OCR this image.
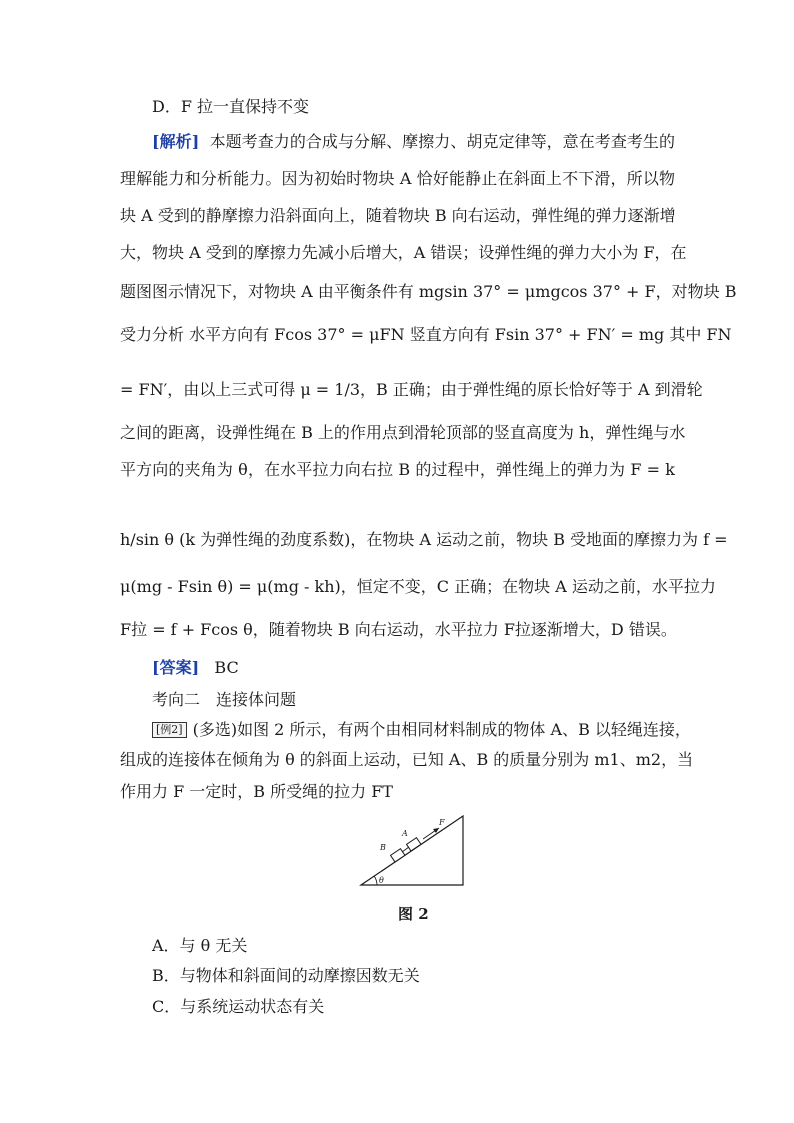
D．F 拉一直保持不变
[解析] 本题考查力的合成与分解、摩擦力、胡克定律等，意在考查考生的
理解能力和分析能力。因为初始时物块 A 恰好能静止在斜面上不下滑，所以物
块 A 受到的静摩擦力沿斜面向上，随着物块 B 向右运动，弹性绳的弹力逐渐增
大，物块 A 受到的摩擦力先减小后增大，A 错误；设弹性绳的弹力大小为 F，在
题图图示情况下，对物块 A 由平衡条件有 mgsin 37° = μmgcos 37° + F，对物块 B
受力分析 水平方向有 Fcos 37° = μFN 竖直方向有 Fsin 37° + FN′ = mg 其中 FN
= FN′，由以上三式可得 μ = 1/3，B 正确；由于弹性绳的原长恰好等于 A 到滑轮
之间的距离，设弹性绳在 B 上的作用点到滑轮顶部的竖直高度为 h，弹性绳与水
平方向的夹角为 θ，在水平拉力向右拉 B 的过程中，弹性绳上的弹力为 F = k
h/sin θ (k 为弹性绳的劲度系数)，在物块 A 运动之前，物块 B 受地面的摩擦力为 f =
μ(mg - Fsin θ) = μ(mg - kh)，恒定不变，C 正确；在物块 A 运动之前，水平拉力
F拉 = f + Fcos θ，随着物块 B 向右运动，水平拉力 F拉逐渐增大，D 错误。
[答案] BC
考向二　连接体问题
[例2] (多选)如图 2 所示，有两个由相同材料制成的物体 A、B 以轻绳连接，
组成的连接体在倾角为 θ 的斜面上运动，已知 A、B 的质量分别为 m1、m2，当
作用力 F 一定时，B 所受绳的拉力 FT
θ
B
A
F
图 2
A．与 θ 无关
B．与物体和斜面间的动摩擦因数无关
C．与系统运动状态有关
